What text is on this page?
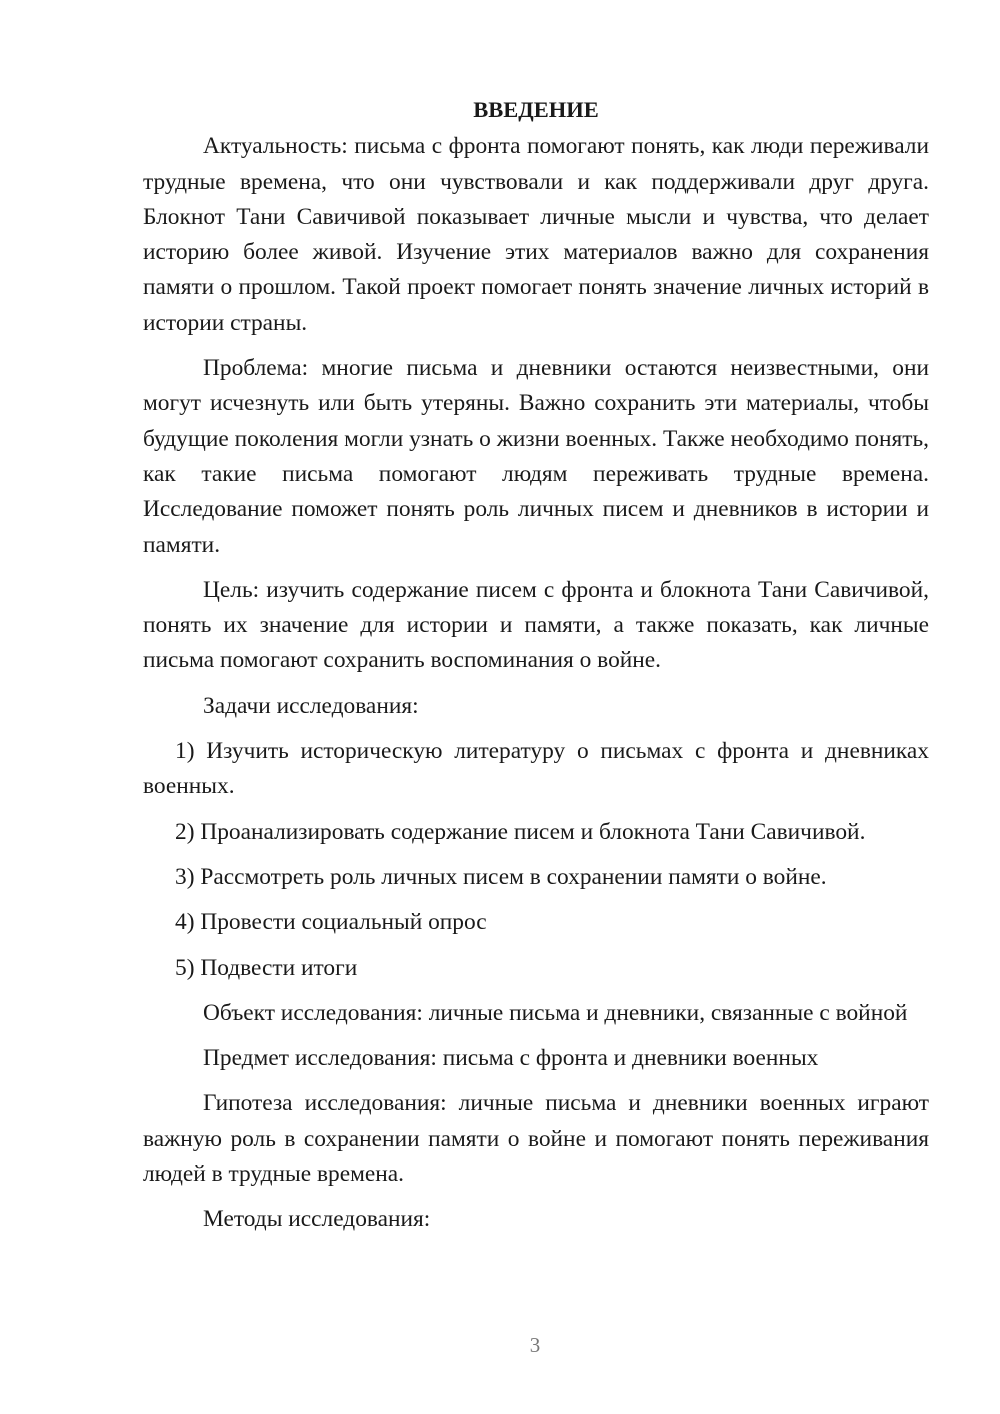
ВВЕДЕНИЕ

Актуальность: письма с фронта помогают понять, как люди переживали трудные времена, что они чувствовали и как поддерживали друг друга. Блокнот Тани Савичивой показывает личные мысли и чувства, что делает историю более живой. Изучение этих материалов важно для сохранения памяти о прошлом. Такой проект помогает понять значение личных историй в истории страны.

Проблема: многие письма и дневники остаются неизвестными, они могут исчезнуть или быть утеряны. Важно сохранить эти материалы, чтобы будущие поколения могли узнать о жизни военных. Также необходимо понять, как такие письма помогают людям переживать трудные времена. Исследование поможет понять роль личных писем и дневников в истории и памяти.

Цель: изучить содержание писем с фронта и блокнота Тани Савичивой, понять их значение для истории и памяти, а также показать, как личные письма помогают сохранить воспоминания о войне.

Задачи исследования:

1) Изучить историческую литературу о письмах с фронта и дневниках военных.

2) Проанализировать содержание писем и блокнота Тани Савичивой.

3) Рассмотреть роль личных писем в сохранении памяти о войне.

4) Провести социальный опрос

5) Подвести итоги

Объект исследования: личные письма и дневники, связанные с войной

Предмет исследования: письма с фронта и дневники военных

Гипотеза исследования: личные письма и дневники военных играют важную роль в сохранении памяти о войне и помогают понять переживания людей в трудные времена.

Методы исследования:

3
